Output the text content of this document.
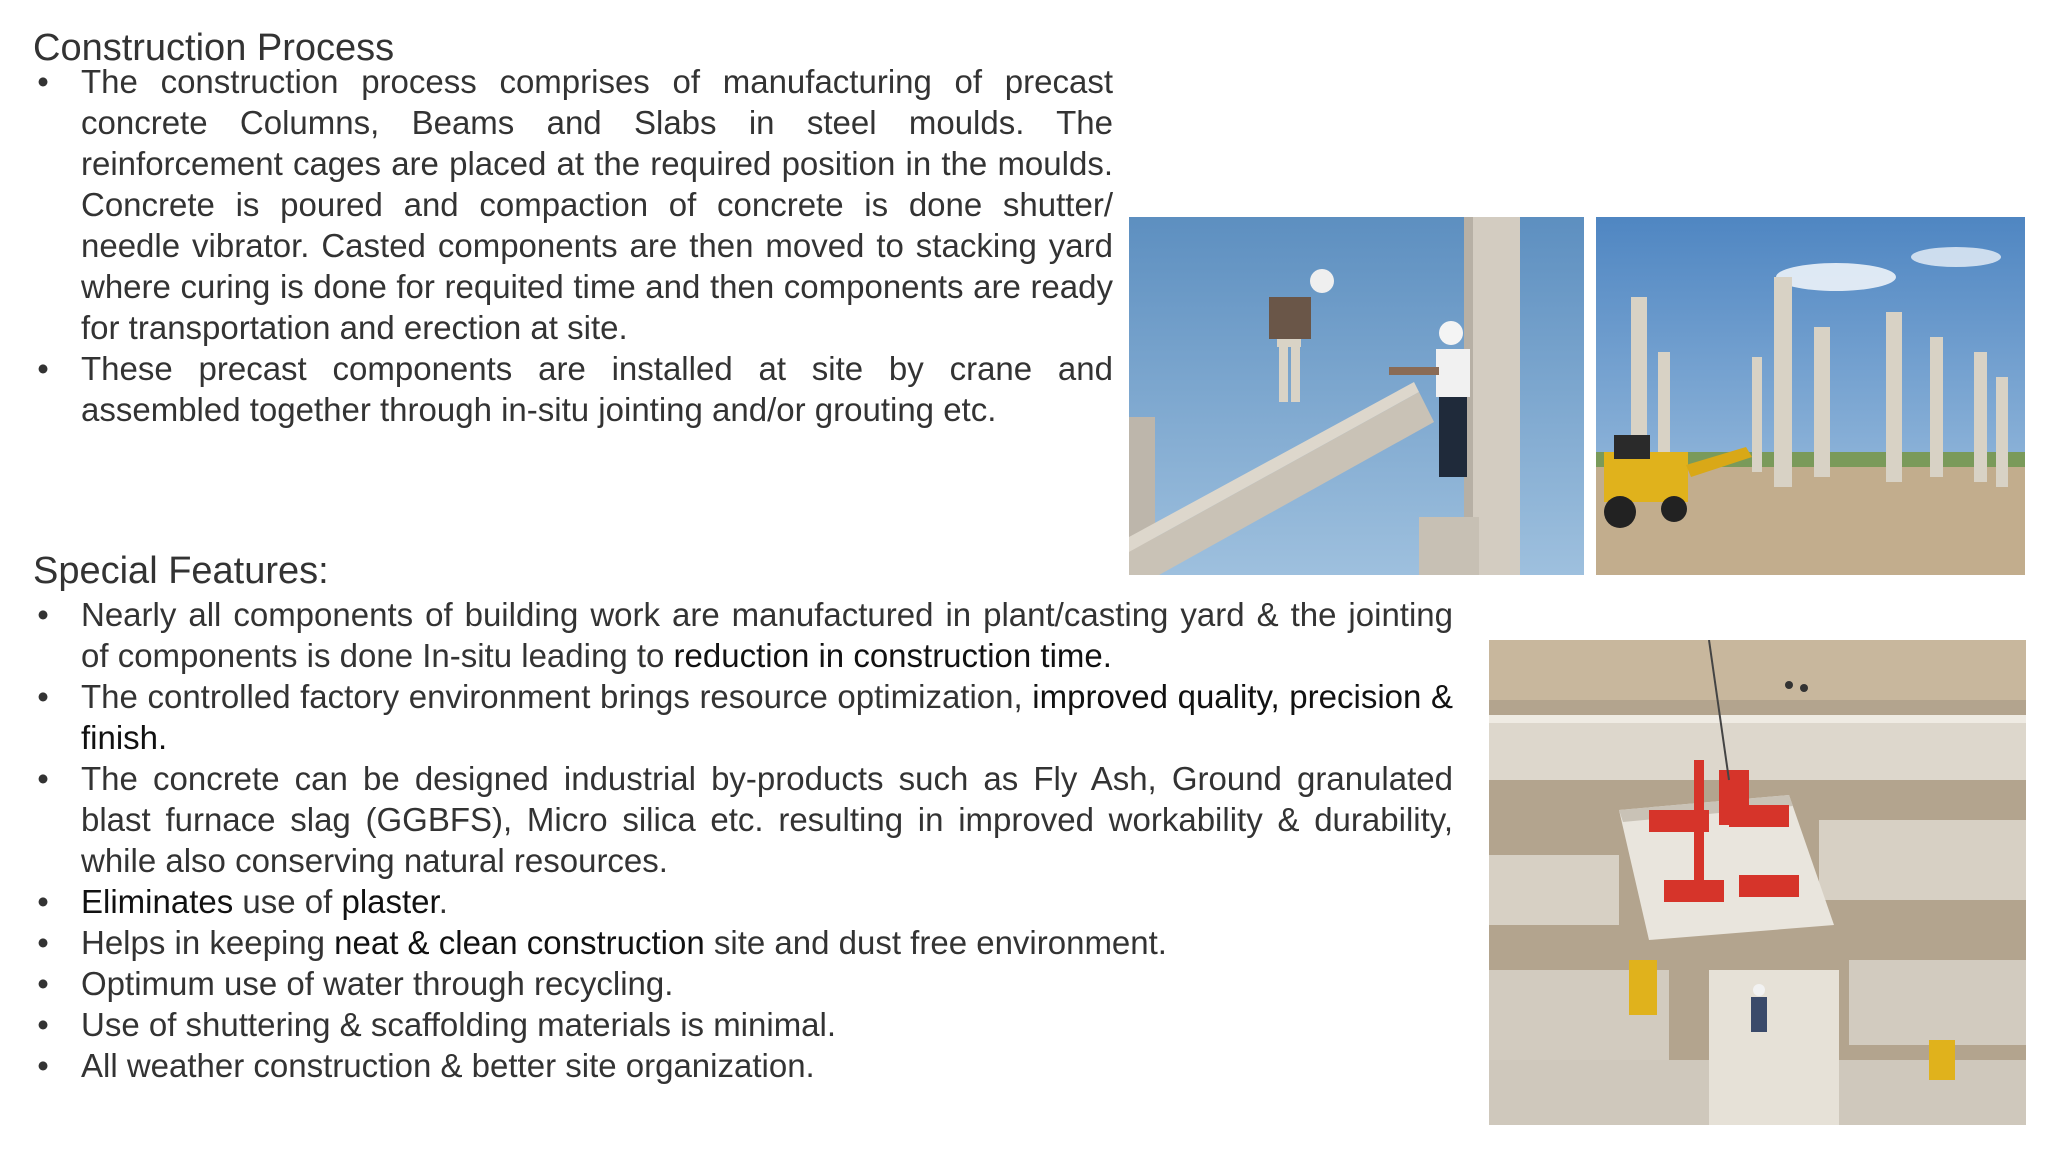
Construction Process
• The construction process comprises of manufacturing of precast concrete Columns, Beams and Slabs in steel moulds. The reinforcement cages are placed at the required position in the moulds. Concrete is poured and compaction of concrete is done shutter/ needle vibrator. Casted components are then moved to stacking yard where curing is done for requited time and then components are ready for transportation and erection at site.
• These precast components are installed at site by crane and assembled together through in-situ jointing and/or grouting etc.
Special Features:
• Nearly all components of building work are manufactured in plant/casting yard & the jointing of components is done In-situ leading to reduction in construction time.
• The controlled factory environment brings resource optimization, improved quality, precision & finish.
• The concrete can be designed industrial by-products such as Fly Ash, Ground granulated blast furnace slag (GGBFS), Micro silica etc. resulting in improved workability & durability, while also conserving natural resources.
• Eliminates use of plaster.
• Helps in keeping neat & clean construction site and dust free environment.
• Optimum use of water through recycling.
• Use of shuttering & scaffolding materials is minimal.
• All weather construction & better site organization.
